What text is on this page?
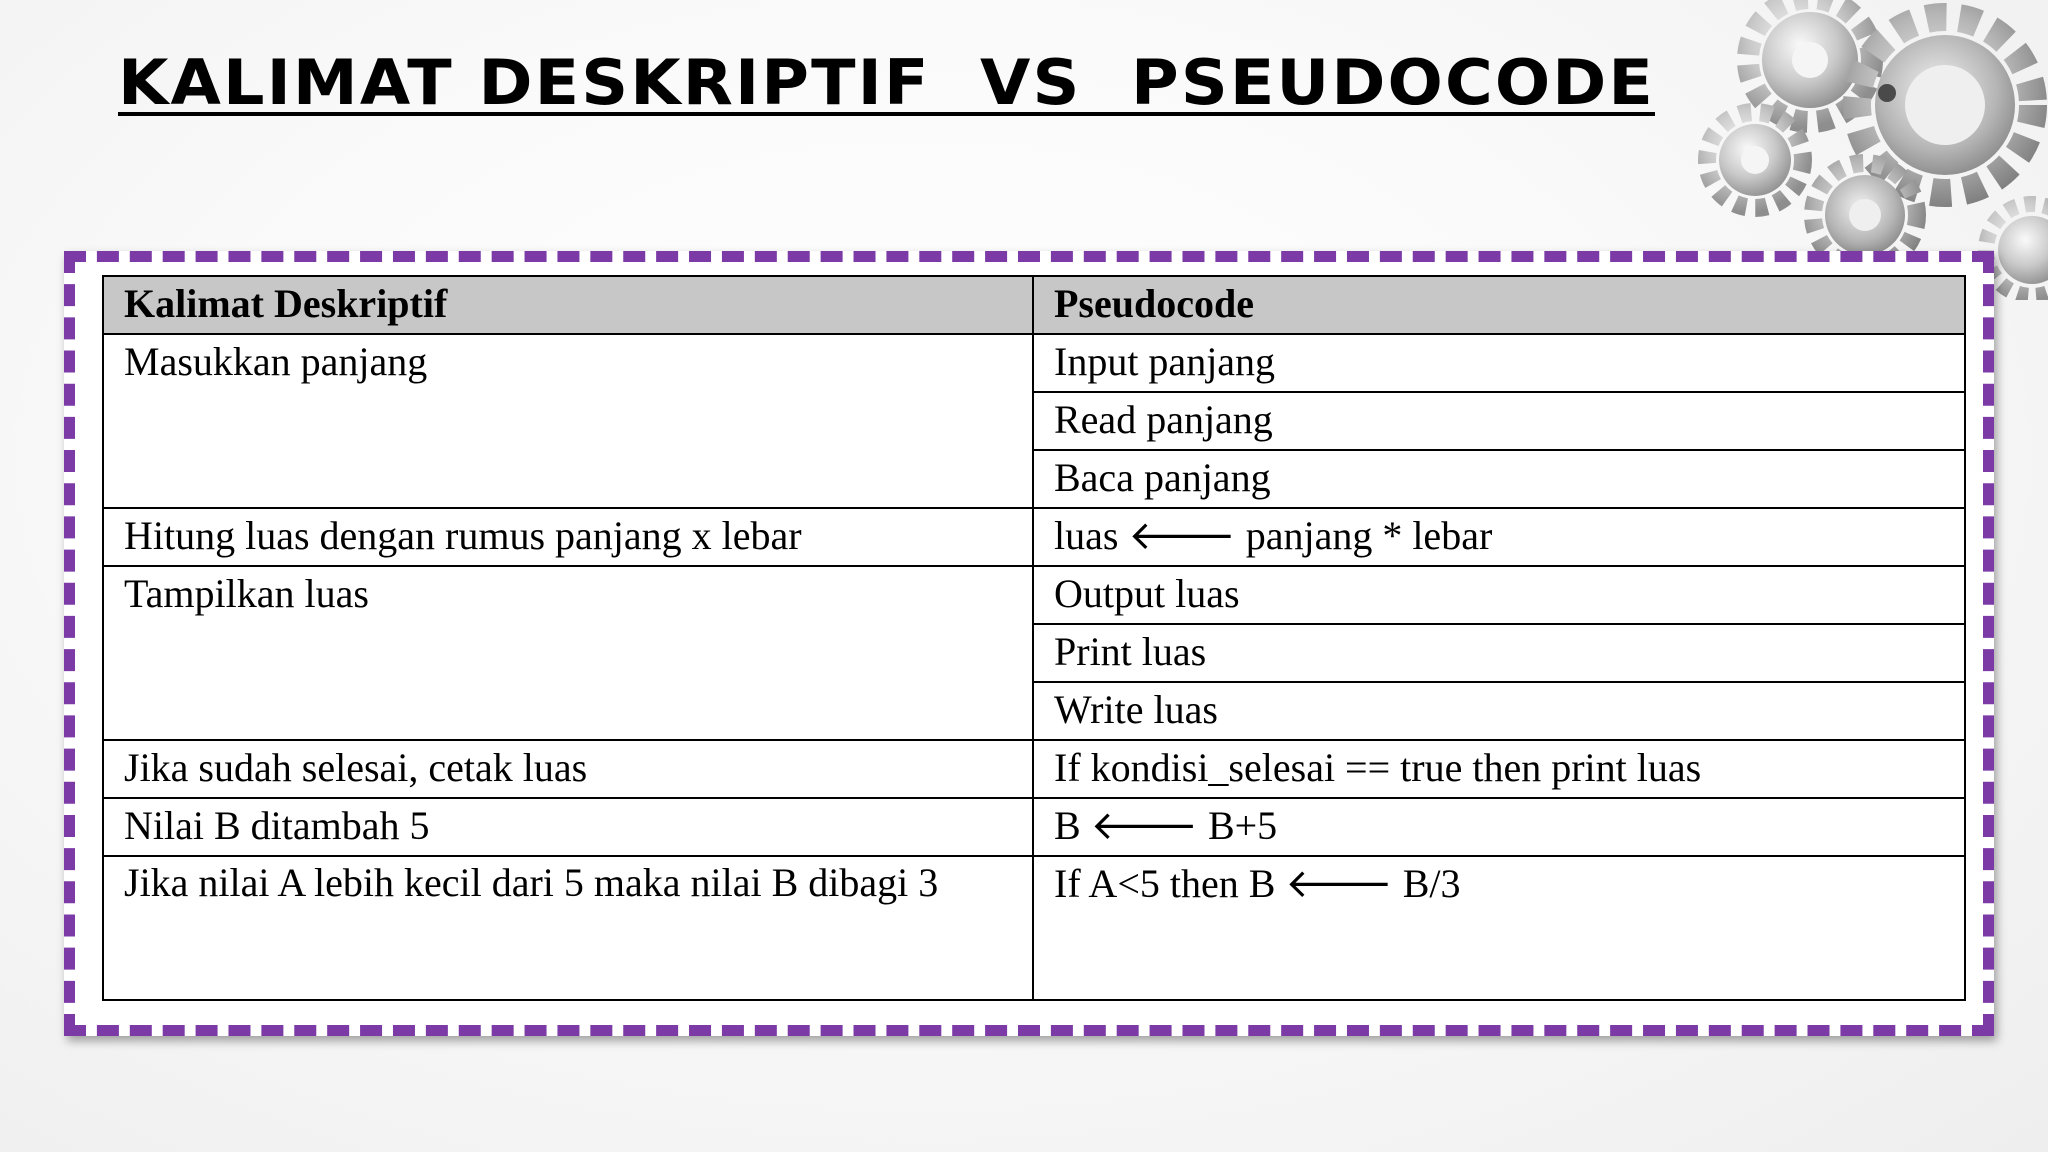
KALIMAT DESKRIPTIF  VS  PSEUDOCODE
Kalimat Deskriptif	Pseudocode
Masukkan panjang	Input panjang
	Read panjang
	Baca panjang
Hitung luas dengan rumus panjang x lebar	luas 🡐 panjang * lebar
Tampilkan luas	Output luas
	Print luas
	Write luas
Jika sudah selesai, cetak luas	If kondisi_selesai == true then print luas
Nilai B ditambah 5	B 🡐 B+5
Jika nilai A lebih kecil dari 5 maka nilai B dibagi 3	If A<5 then B 🡐 B/3
